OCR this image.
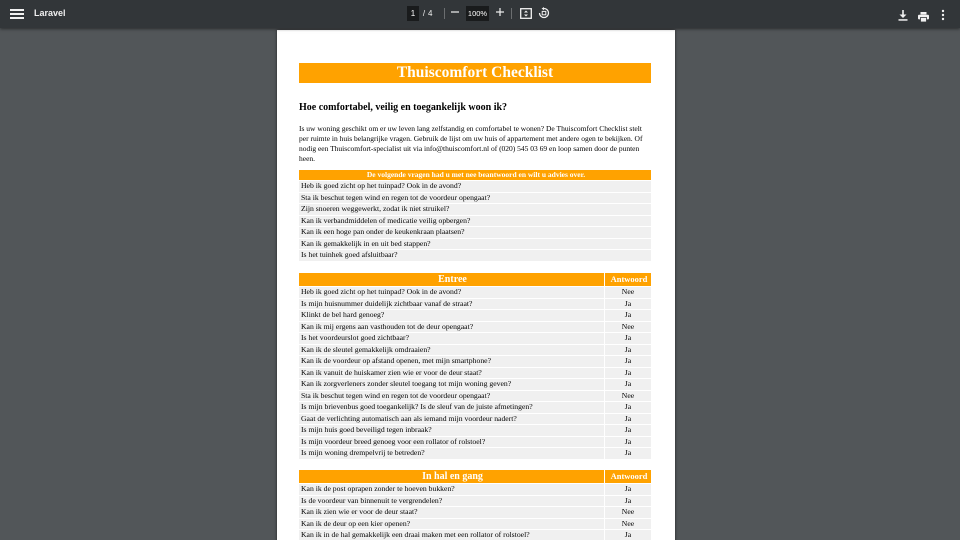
Laravel	1 / 4	100%
Thuiscomfort Checklist
Hoe comfortabel, veilig en toegankelijk woon ik?
Is uw woning geschikt om er uw leven lang zelfstandig en comfortabel te wonen? De Thuiscomfort Checklist stelt per ruimte in huis belangrijke vragen. Gebruik de lijst om uw huis of appartement met andere ogen te bekijken. Of nodig een Thuiscomfort-specialist uit via info@thuiscomfort.nl of (020) 545 03 69 en loop samen door de punten heen.
De volgende vragen had u met nee beantwoord en wilt u advies over.
Heb ik goed zicht op het tuinpad? Ook in de avond?
Sta ik beschut tegen wind en regen tot de voordeur opengaat?
Zijn snoeren weggewerkt, zodat ik niet struikel?
Kan ik verbandmiddelen of medicatie veilig opbergen?
Kan ik een hoge pan onder de keukenkraan plaatsen?
Kan ik gemakkelijk in en uit bed stappen?
Is het tuinhek goed afsluitbaar?
Entree	Antwoord
Heb ik goed zicht op het tuinpad? Ook in de avond?	Nee
Is mijn huisnummer duidelijk zichtbaar vanaf de straat?	Ja
Klinkt de bel hard genoeg?	Ja
Kan ik mij ergens aan vasthouden tot de deur opengaat?	Nee
Is het voordeurslot goed zichtbaar?	Ja
Kan ik de sleutel gemakkelijk omdraaien?	Ja
Kan ik de voordeur op afstand openen, met mijn smartphone?	Ja
Kan ik vanuit de huiskamer zien wie er voor de deur staat?	Ja
Kan ik zorgverleners zonder sleutel toegang tot mijn woning geven?	Ja
Sta ik beschut tegen wind en regen tot de voordeur opengaat?	Nee
Is mijn brievenbus goed toegankelijk? Is de sleuf van de juiste afmetingen?	Ja
Gaat de verlichting automatisch aan als iemand mijn voordeur nadert?	Ja
Is mijn huis goed beveiligd tegen inbraak?	Ja
Is mijn voordeur breed genoeg voor een rollator of rolstoel?	Ja
Is mijn woning drempelvrij te betreden?	Ja
In hal en gang	Antwoord
Kan ik de post oprapen zonder te hoeven bukken?	Ja
Is de voordeur van binnenuit te vergrendelen?	Ja
Kan ik zien wie er voor de deur staat?	Nee
Kan ik de deur op een kier openen?	Nee
Kan ik in de hal gemakkelijk een draai maken met een rollator of rolstoel?	Ja
